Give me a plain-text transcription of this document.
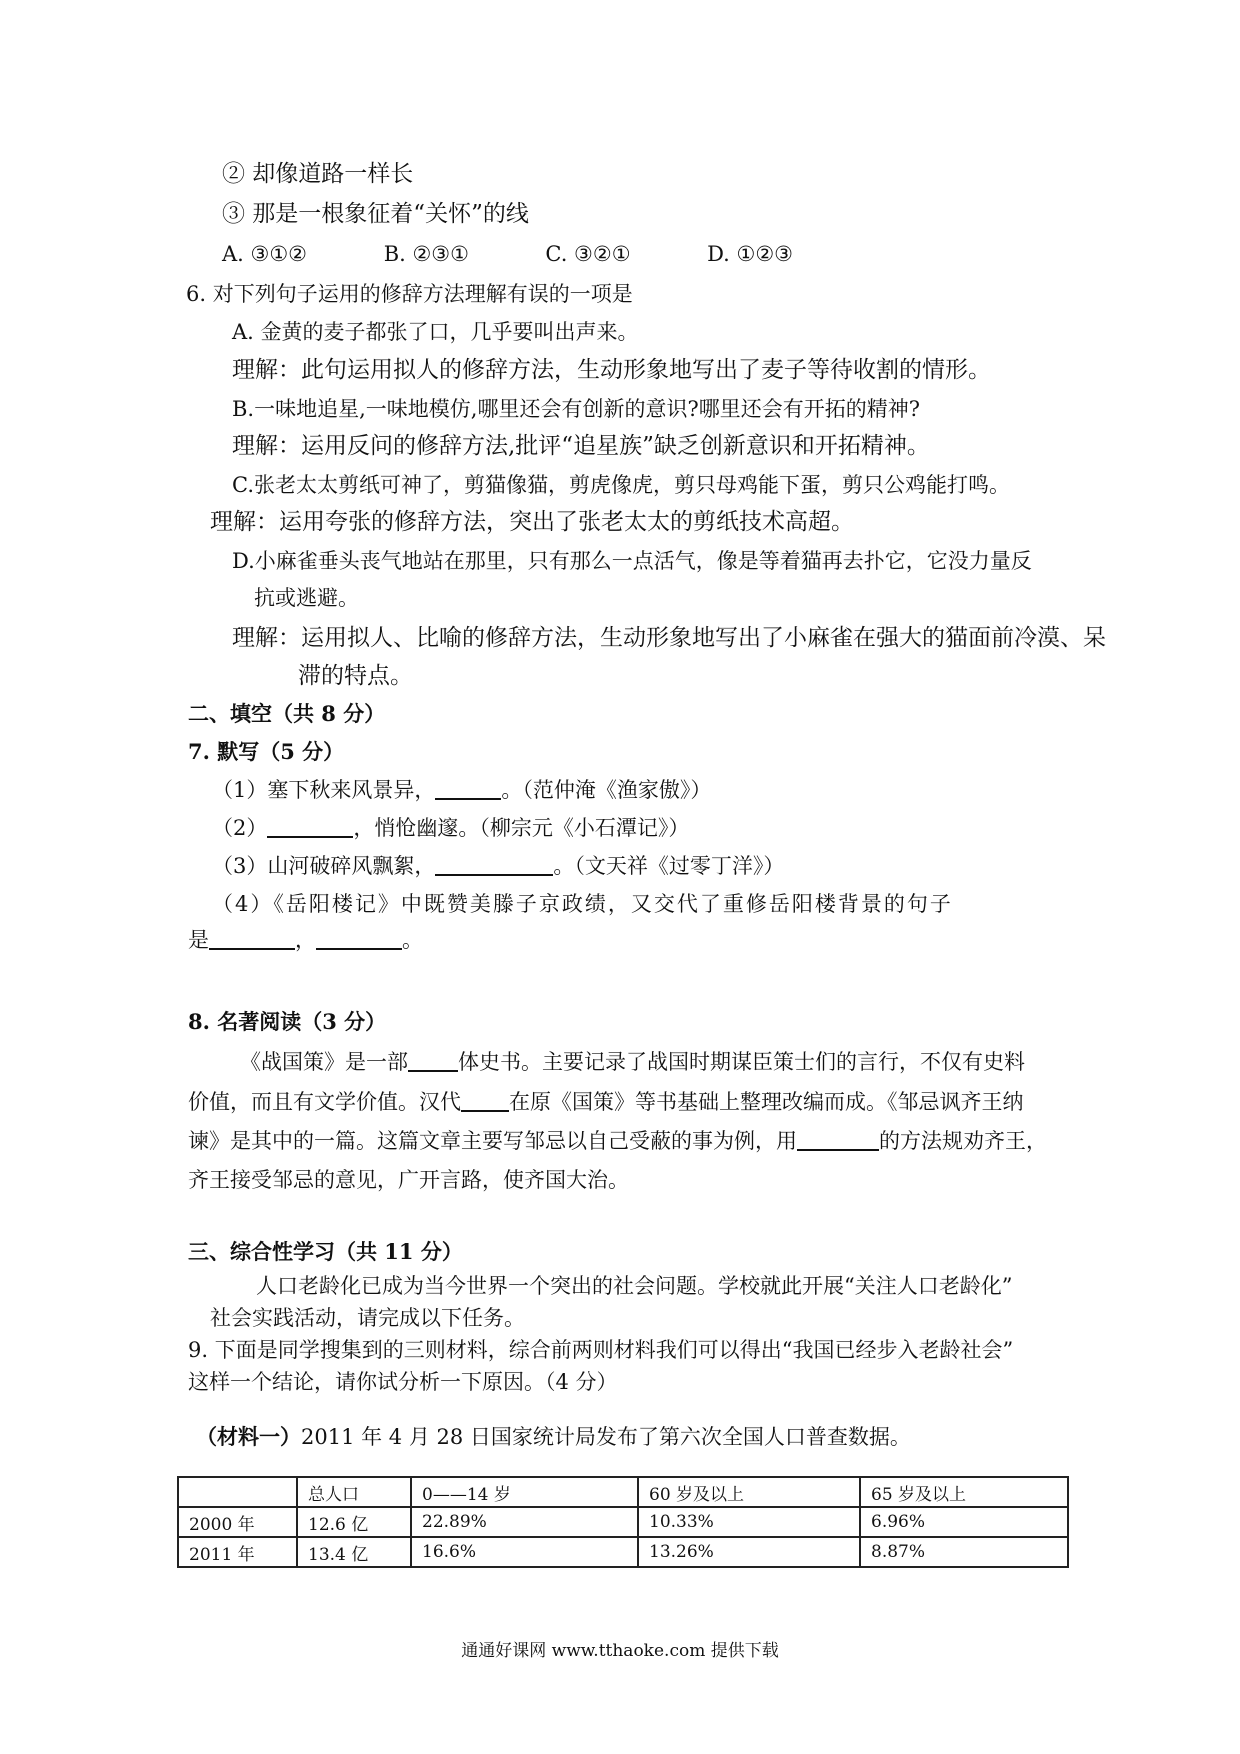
② 却像道路一样长
③ 那是一根象征着“关怀”的线
A. ③①②	B. ②③①	C. ③②①	D. ①②③
6. 对下列句子运用的修辞方法理解有误的一项是
A. 金黄的麦子都张了口，几乎要叫出声来。
理解：此句运用拟人的修辞方法，生动形象地写出了麦子等待收割的情形。
B.一味地追星,一味地模仿,哪里还会有创新的意识?哪里还会有开拓的精神?
理解：运用反问的修辞方法,批评“追星族”缺乏创新意识和开拓精神。
C.张老太太剪纸可神了，剪猫像猫，剪虎像虎，剪只母鸡能下蛋，剪只公鸡能打鸣。
理解：运用夸张的修辞方法，突出了张老太太的剪纸技术高超。
D.小麻雀垂头丧气地站在那里，只有那么一点活气，像是等着猫再去扑它，它没力量反
抗或逃避。
理解：运用拟人、比喻的修辞方法，生动形象地写出了小麻雀在强大的猫面前冷漠、呆
滞的特点。
二、填空（共 8 分）
7. 默写（5 分）
（1）塞下秋来风景异，	。（范仲淹《渔家傲》）
（2）	，悄怆幽邃。（柳宗元《小石潭记》）
（3）山河破碎风飘絮，	。（文天祥《过零丁洋》）
（4）《岳阳楼记》中既赞美滕子京政绩，又交代了重修岳阳楼背景的句子
是	，	。
8. 名著阅读（3 分）
《战国策》是一部 体史书。主要记录了战国时期谋臣策士们的言行，不仅有史料
价值，而且有文学价值。汉代 在原《国策》等书基础上整理改编而成。《邹忌讽齐王纳
谏》是其中的一篇。这篇文章主要写邹忌以自己受蔽的事为例，用	的方法规劝齐王，
齐王接受邹忌的意见，广开言路，使齐国大治。
三、综合性学习（共 11 分）
人口老龄化已成为当今世界一个突出的社会问题。学校就此开展“关注人口老龄化”
社会实践活动，请完成以下任务。
9. 下面是同学搜集到的三则材料，综合前两则材料我们可以得出“我国已经步入老龄社会”
这样一个结论，请你试分析一下原因。（4 分）
（材料一）2011 年 4 月 28 日国家统计局发布了第六次全国人口普查数据。
	总人口	0——14 岁	60 岁及以上	65 岁及以上
2000 年	12.6 亿	22.89%	10.33%	6.96%
2011 年	13.4 亿	16.6%	13.26%	8.87%
通通好课网 www.tthaoke.com 提供下载
